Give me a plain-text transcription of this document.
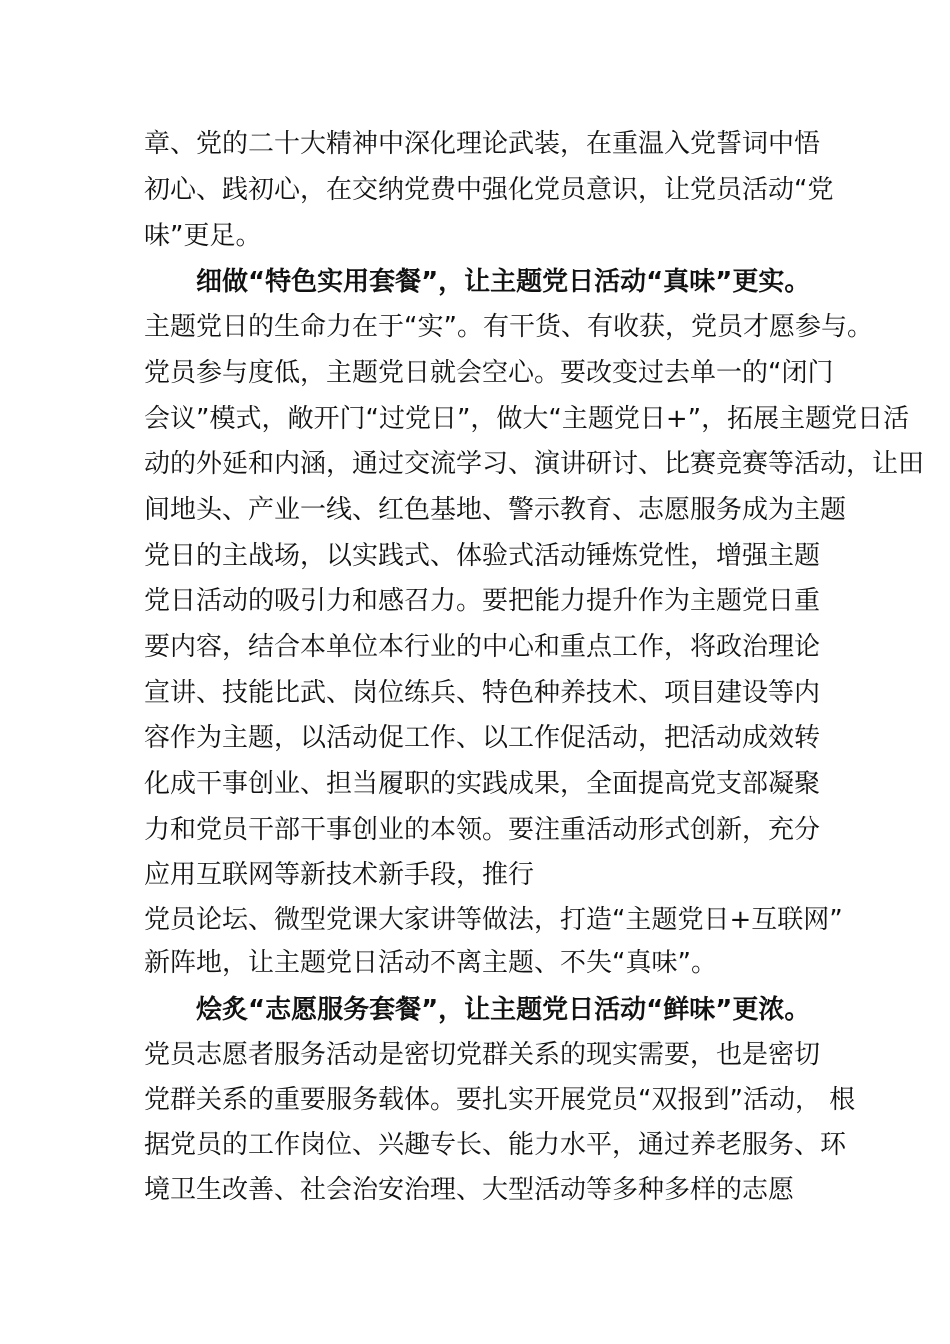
章、党的二十大精神中深化理论武装，在重温入党誓词中悟
初心、践初心，在交纳党费中强化党员意识，让党员活动“党
味”更足。
细做“特色实用套餐”，让主题党日活动“真味”更实。
主题党日的生命力在于“实”。有干货、有收获，党员才愿参与。
党员参与度低，主题党日就会空心。要改变过去单一的“闭门
会议”模式，敞开门“过党日”，做大“主题党日+”，拓展主题党日活
动的外延和内涵，通过交流学习、演讲研讨、比赛竞赛等活动，让田
间地头、产业一线、红色基地、警示教育、志愿服务成为主题
党日的主战场，以实践式、体验式活动锤炼党性，增强主题
党日活动的吸引力和感召力。要把能力提升作为主题党日重
要内容，结合本单位本行业的中心和重点工作，将政治理论
宣讲、技能比武、岗位练兵、特色种养技术、项目建设等内
容作为主题，以活动促工作、以工作促活动，把活动成效转
化成干事创业、担当履职的实践成果，全面提高党支部凝聚
力和党员干部干事创业的本领。要注重活动形式创新，充分
应用互联网等新技术新手段，推行
党员论坛、微型党课大家讲等做法，打造“主题党日+互联网”
新阵地，让主题党日活动不离主题、不失“真味”。
烩炙“志愿服务套餐”，让主题党日活动“鲜味”更浓。
党员志愿者服务活动是密切党群关系的现实需要，也是密切
党群关系的重要服务载体。要扎实开展党员“双报到”活动， 根
据党员的工作岗位、兴趣专长、能力水平，通过养老服务、环
境卫生改善、社会治安治理、大型活动等多种多样的志愿
